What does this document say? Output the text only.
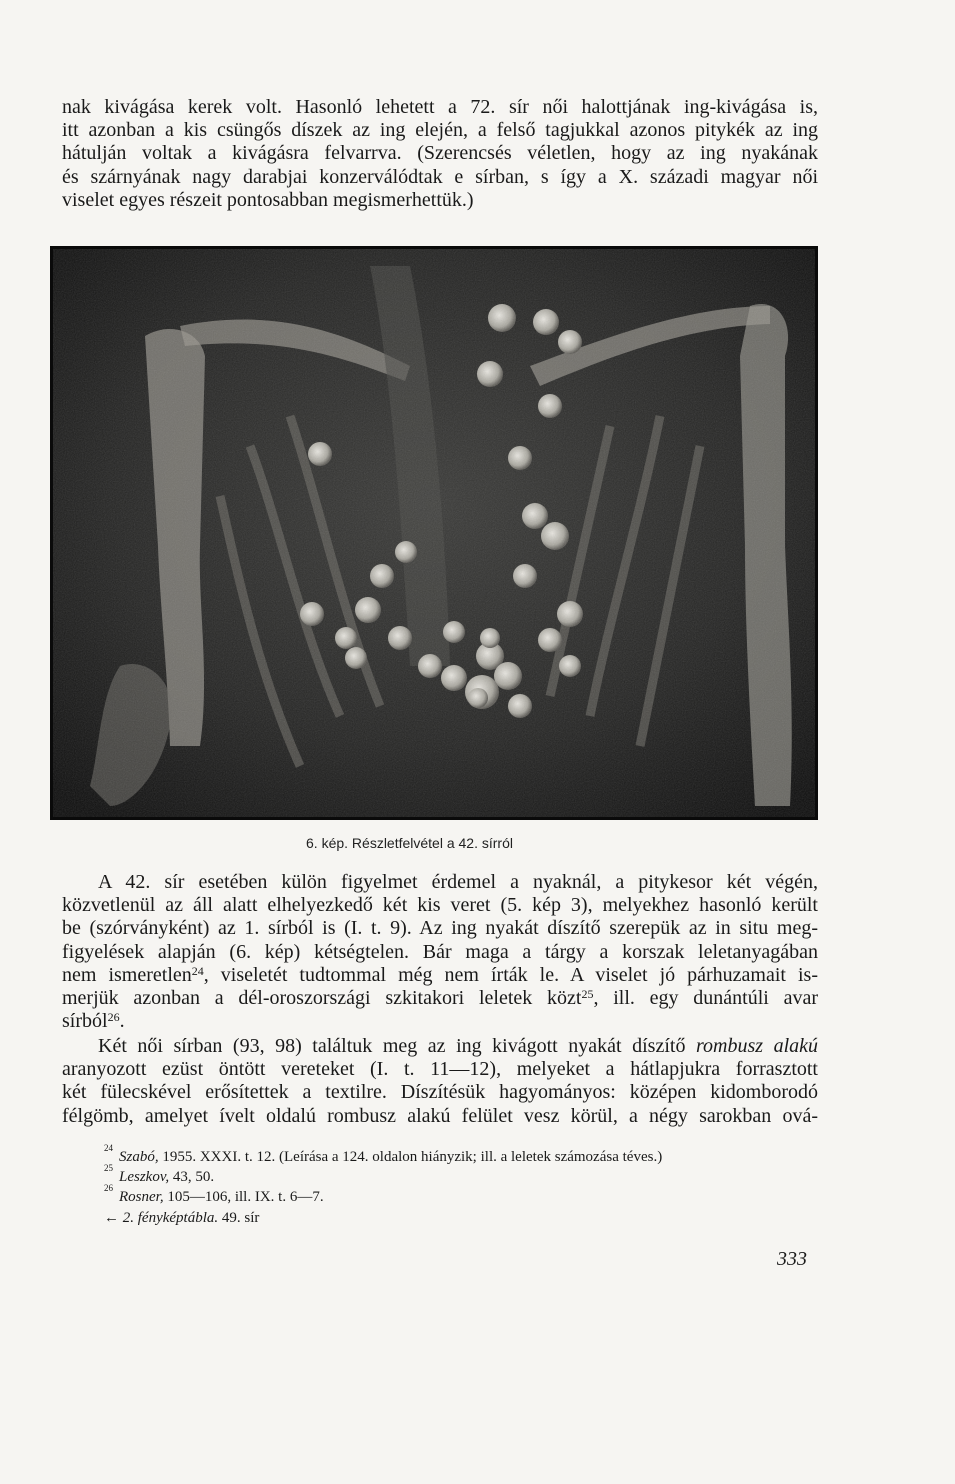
nak kivágása kerek volt. Hasonló lehetett a 72. sír női halottjának ing-kivágása is,
itt azonban a kis csüngős díszek az ing elején, a felső tagjukkal azonos pitykék az ing
hátulján voltak a kivágásra felvarrva. (Szerencsés véletlen, hogy az ing nyakának
és szárnyának nagy darabjai konzerválódtak e sírban, s így a X. századi magyar női
viselet egyes részeit pontosabban megismerhettük.)
6. kép. Részletfelvétel a 42. sírról
A 42. sír esetében külön figyelmet érdemel a nyaknál, a pitykesor két végén,
közvetlenül az áll alatt elhelyezkedő két kis veret (5. kép 3), melyekhez hasonló került
be (szórványként) az 1. sírból is (I. t. 9). Az ing nyakát díszítő szerepük az in situ meg-
figyelések alapján (6. kép) kétségtelen. Bár maga a tárgy a korszak leletanyagában
nem ismeretlen$^{24}$, viseletét tudtommal még nem írták le. A viselet jó párhuzamait is-
merjük azonban a dél-oroszországi szkitakori leletek közt$^{25}$, ill. egy dunántúli avar
sírból$^{26}$.
Két női sírban (93, 98) találtuk meg az ing kivágott nyakát díszítő rombusz alakú
aranyozott ezüst öntött vereteket (I. t. 11—12), melyeket a hátlapjukra forrasztott
két fülecskével erősítettek a textilre. Díszítésük hagyományos: középen kidomborodó
félgömb, amelyet ívelt oldalú rombusz alakú felület vesz körül, a négy sarokban ová-
$^{24}$Szabó, 1955. XXXI. t. 12. (Leírása a 124. oldalon hiányzik; ill. a leletek számozása téves.)
$^{25}$Leszkov, 43, 50.
$^{26}$Rosner, 105—106, ill. IX. t. 6—7.
← 2. fényképtábla. 49. sír
333
